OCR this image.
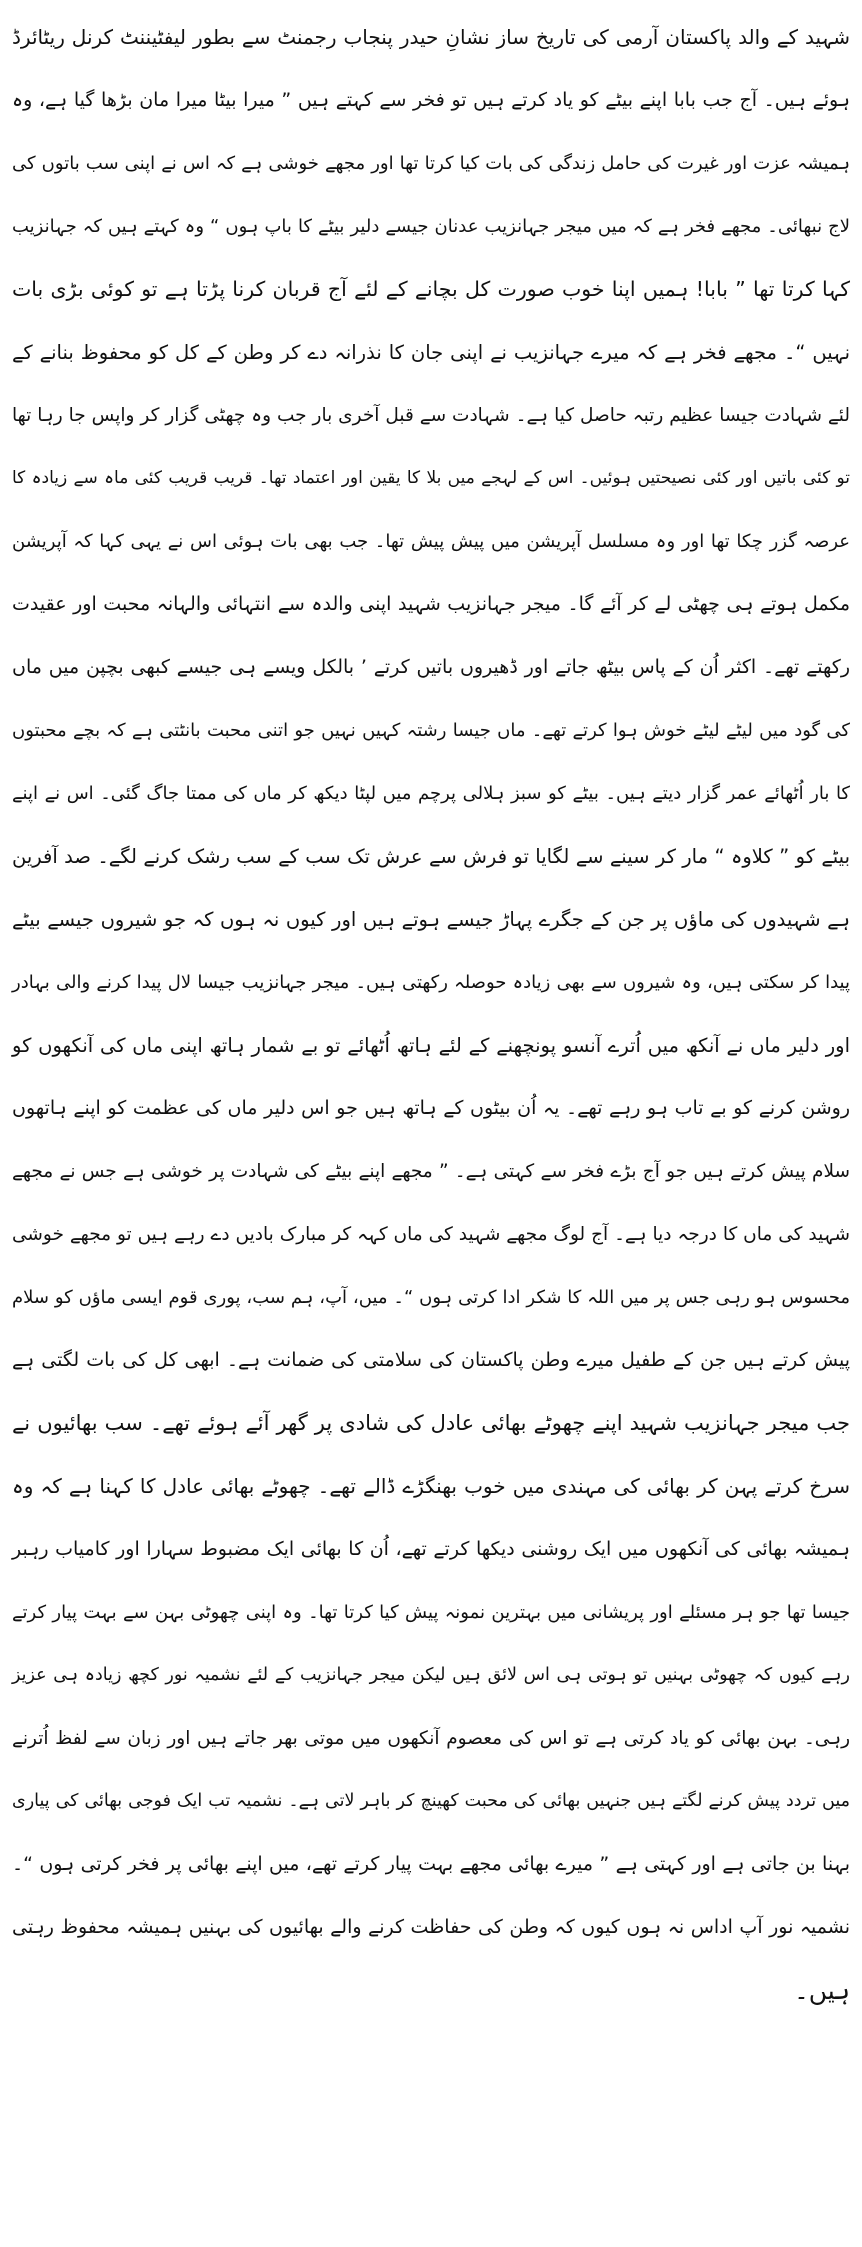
شہید کے والد پاکستان آرمی کی تاریخ ساز نشانِ حیدر پنجاب رجمنٹ سے بطور لیفٹیننٹ کرنل ریٹائرڈ
ہوئے ہیں۔ آج جب بابا اپنے بیٹے کو یاد کرتے ہیں تو فخر سے کہتے ہیں ” میرا بیٹا میرا مان بڑھا گیا ہے، وہ
ہمیشہ عزت اور غیرت کی حامل زندگی کی بات کیا کرتا تھا اور مجھے خوشی ہے کہ اس نے اپنی سب باتوں کی
لاج نبھائی۔ مجھے فخر ہے کہ میں میجر جہانزیب عدنان جیسے دلیر بیٹے کا باپ ہوں “ وہ کہتے ہیں کہ جہانزیب
کہا کرتا تھا ” بابا! ہمیں اپنا خوب صورت کل بچانے کے لئے آج قربان کرنا پڑتا ہے تو کوئی بڑی بات
نہیں “۔ مجھے فخر ہے کہ میرے جہانزیب نے اپنی جان کا نذرانہ دے کر وطن کے کل کو محفوظ بنانے کے
لئے شہادت جیسا عظیم رتبہ حاصل کیا ہے۔ شہادت سے قبل آخری بار جب وہ چھٹی گزار کر واپس جا رہا تھا
تو کئی باتیں اور کئی نصیحتیں ہوئیں۔ اس کے لہجے میں بلا کا یقین اور اعتماد تھا۔ قریب قریب کئی ماہ سے زیادہ کا
عرصہ گزر چکا تھا اور وہ مسلسل آپریشن میں پیش پیش تھا۔ جب بھی بات ہوئی اس نے یہی کہا کہ آپریشن
مکمل ہوتے ہی چھٹی لے کر آئے گا۔ میجر جہانزیب شہید اپنی والدہ سے انتہائی والہانہ محبت اور عقیدت
رکھتے تھے۔ اکثر اُن کے پاس بیٹھ جاتے اور ڈھیروں باتیں کرتے ’ بالکل ویسے ہی جیسے کبھی بچپن میں ماں
کی گود میں لیٹے لیٹے خوش ہوا کرتے تھے۔ ماں جیسا رشتہ کہیں نہیں جو اتنی محبت بانٹتی ہے کہ بچے محبتوں
کا بار اُٹھائے عمر گزار دیتے ہیں۔ بیٹے کو سبز ہلالی پرچم میں لپٹا دیکھ کر ماں کی ممتا جاگ گئی۔ اس نے اپنے
بیٹے کو ” کلاوہ “ مار کر سینے سے لگایا تو فرش سے عرش تک سب کے سب رشک کرنے لگے۔ صد آفرین
ہے شہیدوں کی ماؤں پر جن کے جگرے پہاڑ جیسے ہوتے ہیں اور کیوں نہ ہوں کہ جو شیروں جیسے بیٹے
پیدا کر سکتی ہیں، وہ شیروں سے بھی زیادہ حوصلہ رکھتی ہیں۔ میجر جہانزیب جیسا لال پیدا کرنے والی بہادر
اور دلیر ماں نے آنکھ میں اُترے آنسو پونچھنے کے لئے ہاتھ اُٹھائے تو بے شمار ہاتھ اپنی ماں کی آنکھوں کو
روشن کرنے کو بے تاب ہو رہے تھے۔ یہ اُن بیٹوں کے ہاتھ ہیں جو اس دلیر ماں کی عظمت کو اپنے ہاتھوں
سلام پیش کرتے ہیں جو آج بڑے فخر سے کہتی ہے۔ ” مجھے اپنے بیٹے کی شہادت پر خوشی ہے جس نے مجھے
شہید کی ماں کا درجہ دیا ہے۔ آج لوگ مجھے شہید کی ماں کہہ کر مبارک بادیں دے رہے ہیں تو مجھے خوشی
محسوس ہو رہی جس پر میں اللہ کا شکر ادا کرتی ہوں “۔ میں، آپ، ہم سب، پوری قوم ایسی ماؤں کو سلام
پیش کرتے ہیں جن کے طفیل میرے وطن پاکستان کی سلامتی کی ضمانت ہے۔ ابھی کل کی بات لگتی ہے
جب میجر جہانزیب شہید اپنے چھوٹے بھائی عادل کی شادی پر گھر آئے ہوئے تھے۔ سب بھائیوں نے
سرخ کرتے پہن کر بھائی کی مہندی میں خوب بھنگڑے ڈالے تھے۔ چھوٹے بھائی عادل کا کہنا ہے کہ وہ
ہمیشہ بھائی کی آنکھوں میں ایک روشنی دیکھا کرتے تھے، اُن کا بھائی ایک مضبوط سہارا اور کامیاب رہبر
جیسا تھا جو ہر مسئلے اور پریشانی میں بہترین نمونہ پیش کیا کرتا تھا۔ وہ اپنی چھوٹی بہن سے بہت پیار کرتے
رہے کیوں کہ چھوٹی بہنیں تو ہوتی ہی اس لائق ہیں لیکن میجر جہانزیب کے لئے نشمیہ نور کچھ زیادہ ہی عزیز
رہی۔ بہن بھائی کو یاد کرتی ہے تو اس کی معصوم آنکھوں میں موتی بھر جاتے ہیں اور زبان سے لفظ اُترنے
میں تردد پیش کرنے لگتے ہیں جنہیں بھائی کی محبت کھینچ کر باہر لاتی ہے۔ نشمیہ تب ایک فوجی بھائی کی پیاری
بہنا بن جاتی ہے اور کہتی ہے ” میرے بھائی مجھے بہت پیار کرتے تھے، میں اپنے بھائی پر فخر کرتی ہوں “۔
نشمیہ نور آپ اداس نہ ہوں کیوں کہ وطن کی حفاظت کرنے والے بھائیوں کی بہنیں ہمیشہ محفوظ رہتی
ہیں۔
